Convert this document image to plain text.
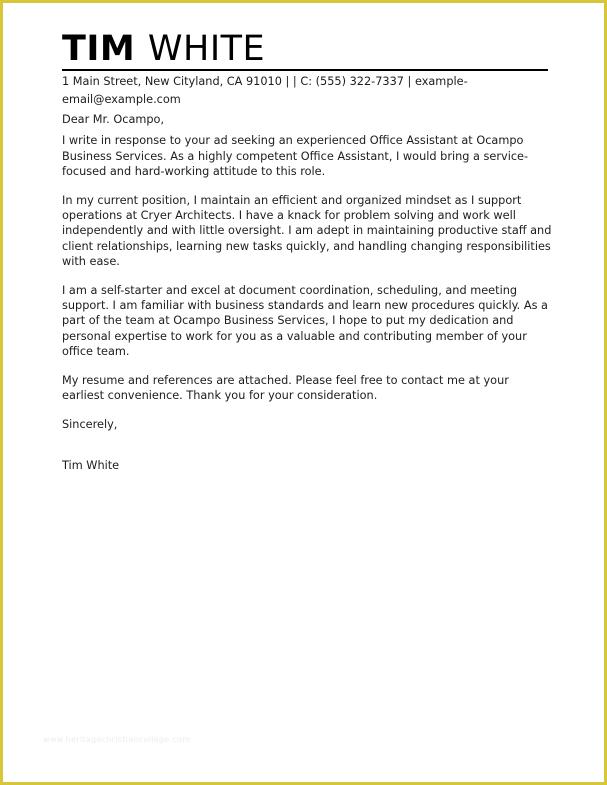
TIM WHITE
1 Main Street, New Cityland, CA 91010 | | C: (555) 322-7337 | example-email@example.com

Dear Mr. Ocampo,

I write in response to your ad seeking an experienced Office Assistant at Ocampo Business Services. As a highly competent Office Assistant, I would bring a service-focused and hard-working attitude to this role.

In my current position, I maintain an efficient and organized mindset as I support operations at Cryer Architects. I have a knack for problem solving and work well independently and with little oversight. I am adept in maintaining productive staff and client relationships, learning new tasks quickly, and handling changing responsibilities with ease.

I am a self-starter and excel at document coordination, scheduling, and meeting support. I am familiar with business standards and learn new procedures quickly. As a part of the team at Ocampo Business Services, I hope to put my dedication and personal expertise to work for you as a valuable and contributing member of your office team.

My resume and references are attached. Please feel free to contact me at your earliest convenience. Thank you for your consideration.

Sincerely,

Tim White
www.heritagechristiancollege.com
